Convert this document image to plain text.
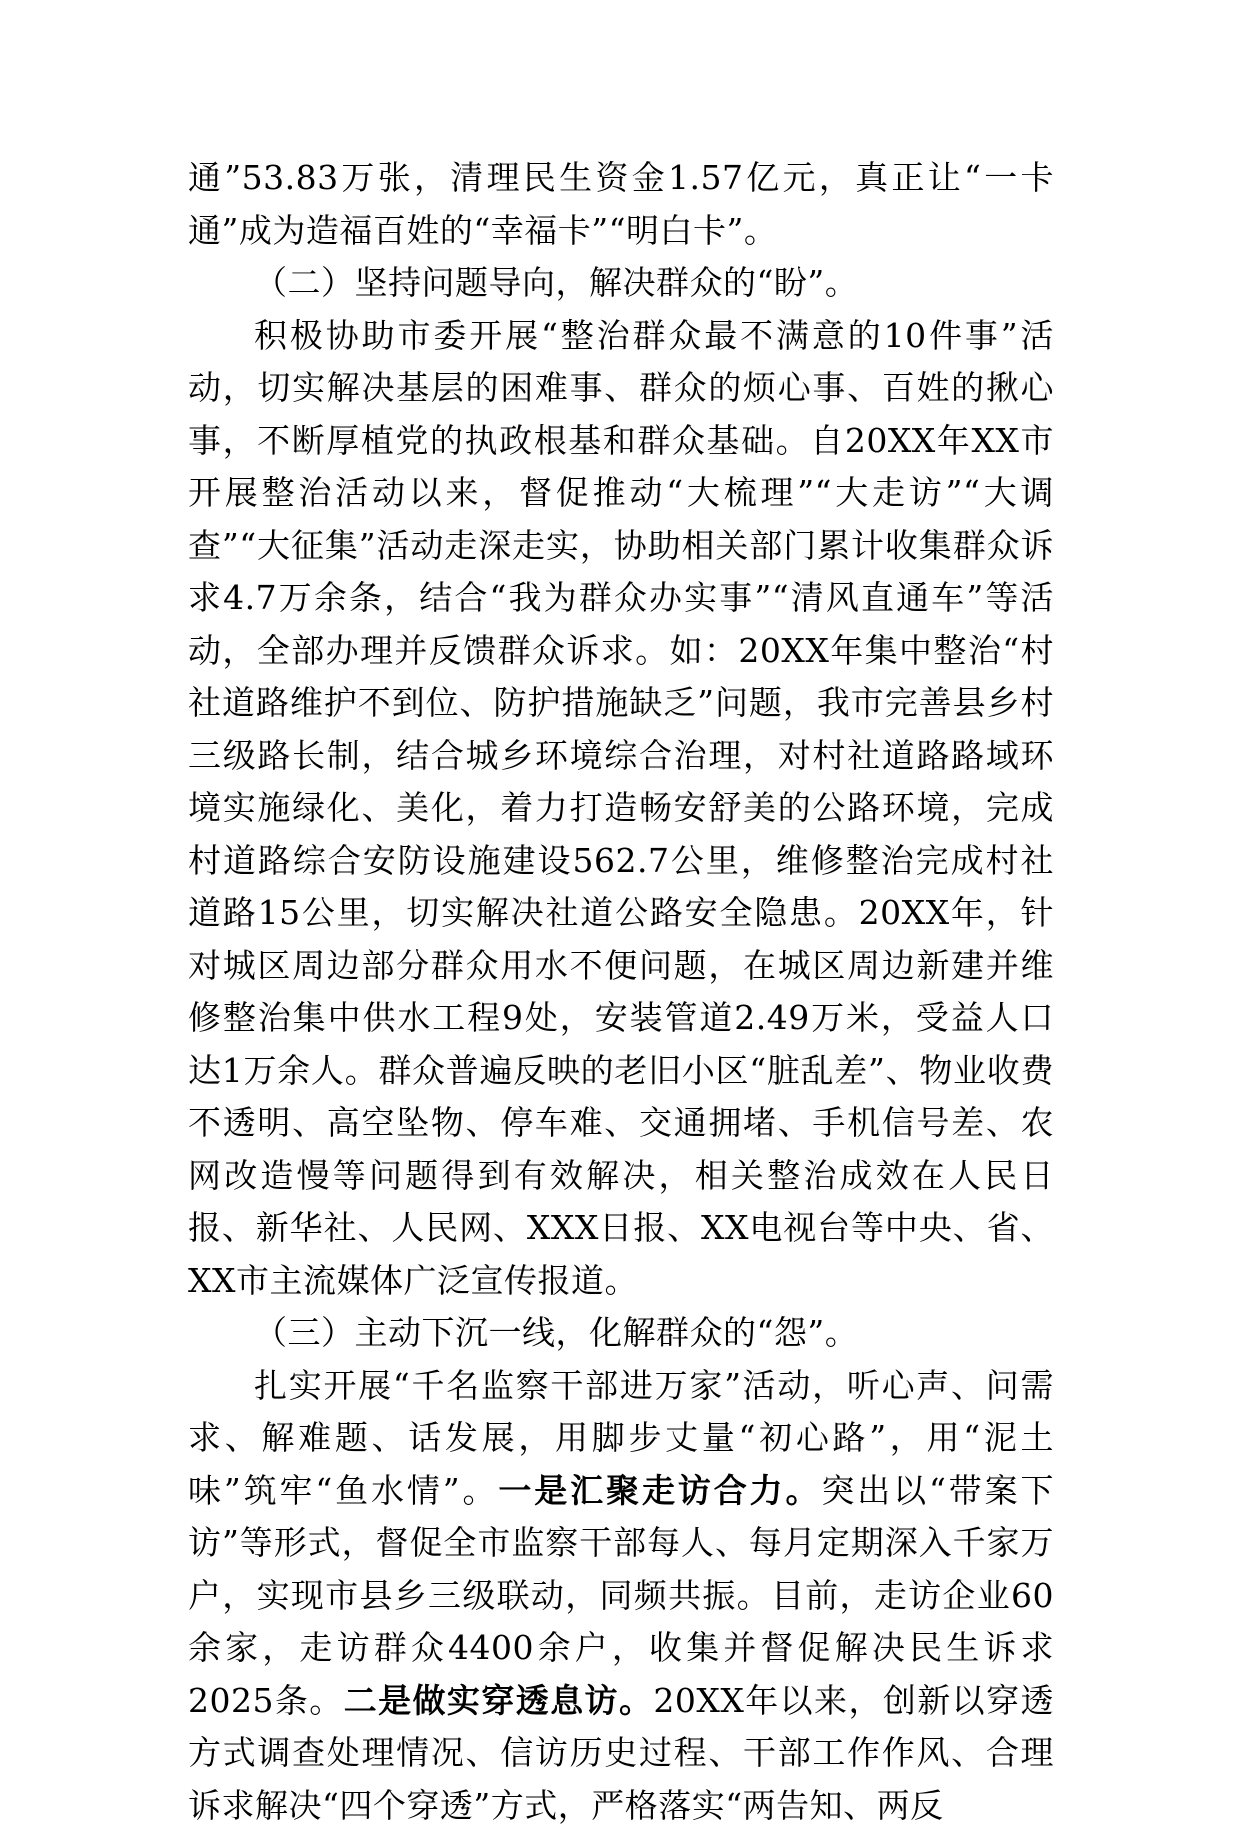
通”53.83万张，清理民生资金1.57亿元，真正让“一卡通”成为造福百姓的“幸福卡”“明白卡”。

（二）坚持问题导向，解决群众的“盼”。

积极协助市委开展“整治群众最不满意的10件事”活动，切实解决基层的困难事、群众的烦心事、百姓的揪心事，不断厚植党的执政根基和群众基础。自20XX年XX市开展整治活动以来，督促推动“大梳理”“大走访”“大调查”“大征集”活动走深走实，协助相关部门累计收集群众诉求4.7万余条，结合“我为群众办实事”“清风直通车”等活动，全部办理并反馈群众诉求。如：20XX年集中整治“村社道路维护不到位、防护措施缺乏”问题，我市完善县乡村三级路长制，结合城乡环境综合治理，对村社道路路域环境实施绿化、美化，着力打造畅安舒美的公路环境，完成村道路综合安防设施建设562.7公里，维修整治完成村社道路15公里，切实解决社道公路安全隐患。20XX年，针对城区周边部分群众用水不便问题，在城区周边新建并维修整治集中供水工程9处，安装管道2.49万米，受益人口达1万余人。群众普遍反映的老旧小区“脏乱差”、物业收费不透明、高空坠物、停车难、交通拥堵、手机信号差、农网改造慢等问题得到有效解决，相关整治成效在人民日报、新华社、人民网、XXX日报、XX电视台等中央、省、XX市主流媒体广泛宣传报道。

（三）主动下沉一线，化解群众的“怨”。

扎实开展“千名监察干部进万家”活动，听心声、问需求、解难题、话发展，用脚步丈量“初心路”，用“泥土味”筑牢“鱼水情”。一是汇聚走访合力。突出以“带案下访”等形式，督促全市监察干部每人、每月定期深入千家万户，实现市县乡三级联动，同频共振。目前，走访企业60余家，走访群众4400余户，收集并督促解决民生诉求2025条。二是做实穿透息访。20XX年以来，创新以穿透方式调查处理情况、信访历史过程、干部工作作风、合理诉求解决“四个穿透”方式，严格落实“两告知、两反
